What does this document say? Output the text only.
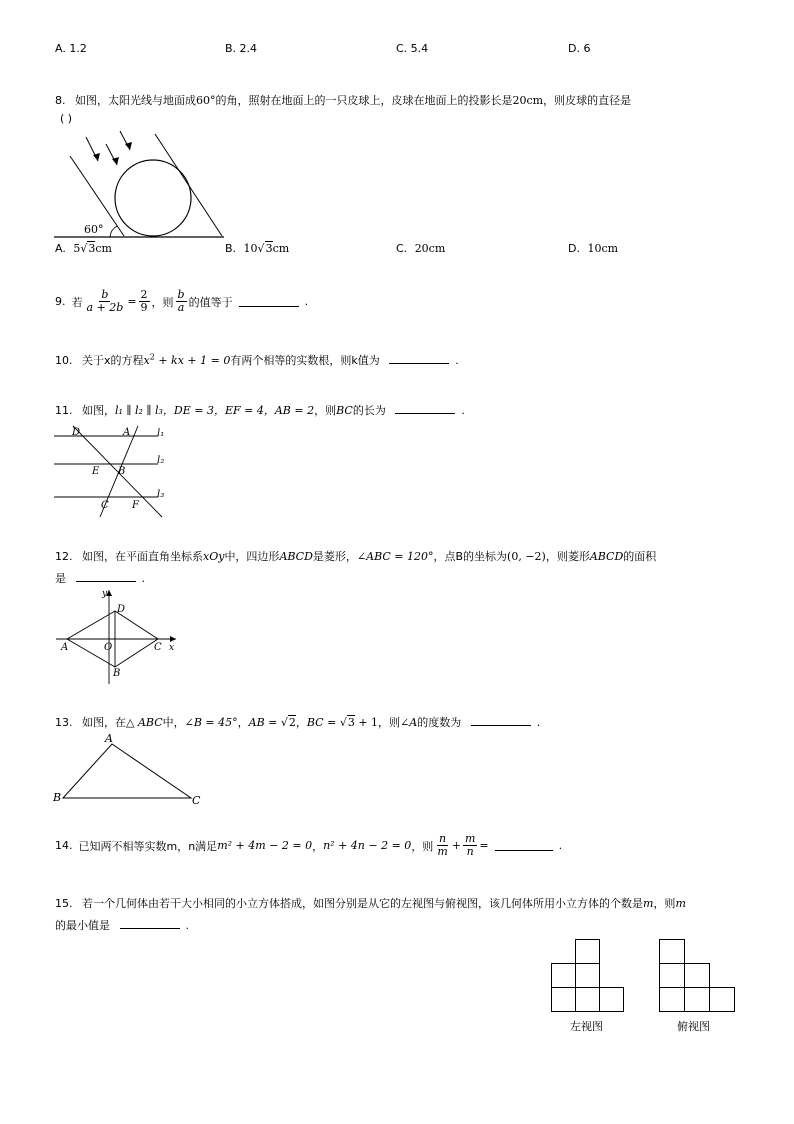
A. 1.2	B. 2.4	C. 5.4	D. 6
8. 如图，太阳光线与地面成60°的角，照射在地面上的一只皮球上，皮球在地面上的投影长是20cm，则皮球的直径是
( )
60°
A. 5√3cm	B. 10√3cm	C. 20cm	D. 10cm
9. 若 $\frac{b}{a + 2b} = \frac{2}{9}$ ，则 $\frac{b}{a}$ 的值等于	.
10. 关于x的方程$x^2$ + kx + 1 = 0有两个相等的实数根，则k值为	.
11. 如图，l₁ ∥ l₂ ∥ l₃，DE = 3，EF = 4，AB = 2，则BC的长为	.
D	A
E B
C F
l₁
l₂
l₃
12. 如图，在平面直角坐标系xOy中，四边形ABCD是菱形，∠ABC = 120°，点B的坐标为(0, −2)，则菱形ABCD的面积
是	.
y
D
A	O	C x
B
13. 如图，在△ ABC中，∠B = 45°，AB = √2，BC = √3 + 1，则∠A的度数为	.
A
B	C
14. 已知两不相等实数m，n满足 m² + 4m − 2 = 0 ， n² + 4n − 2 = 0 ，则 $\frac{n}{m} + \frac{m}{n}$ =	.
15. 若一个几何体由若干大小相同的小立方体搭成，如图分别是从它的左视图与俯视图，该几何体所用小立方体的个数是m，则m
的最小值是	.
左视图	俯视图
